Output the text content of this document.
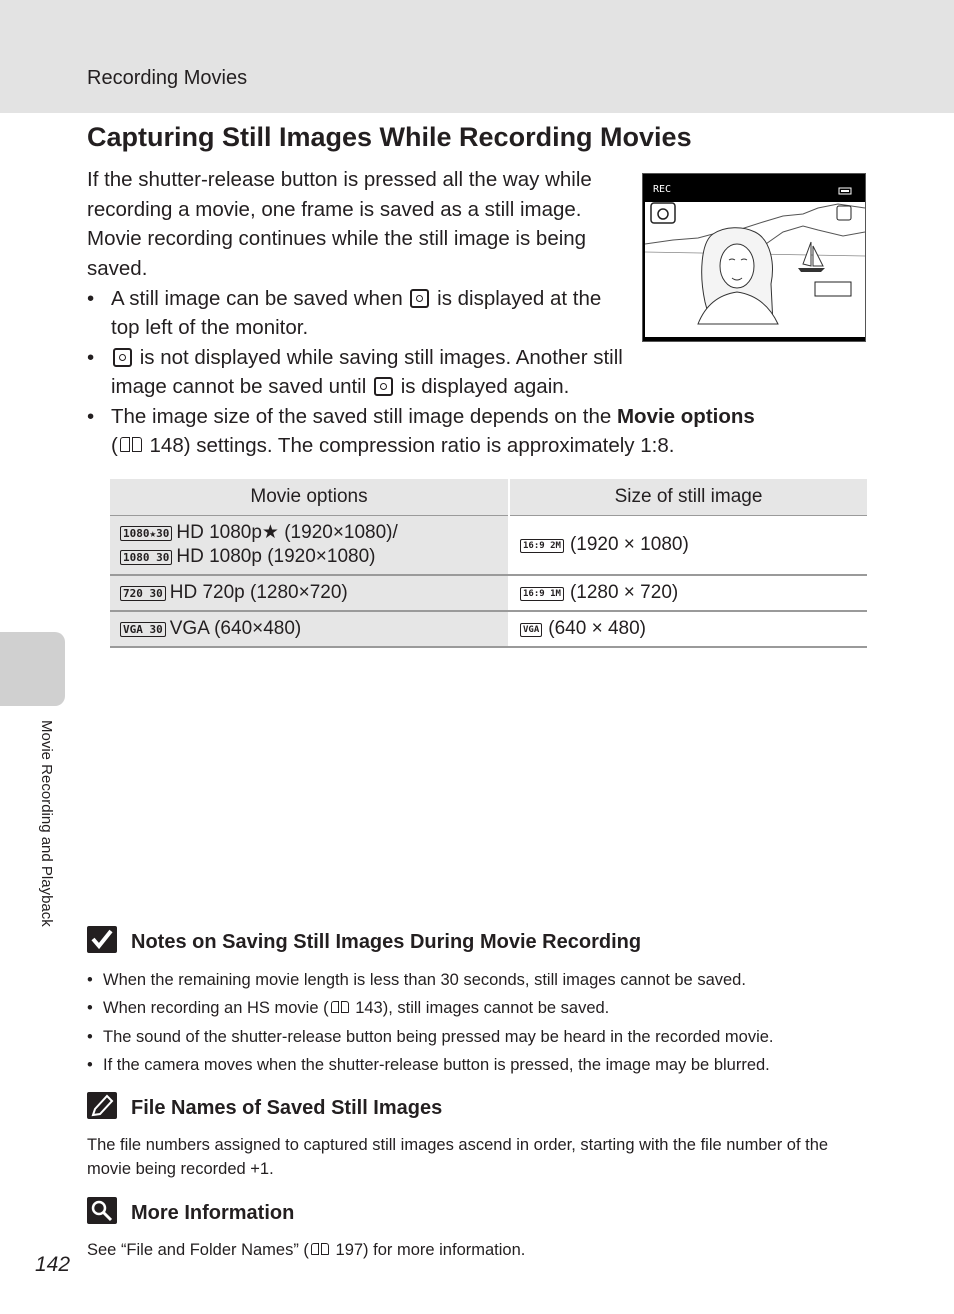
Recording Movies
Movie Recording and Playback
Capturing Still Images While Recording Movies

If the shutter-release button is pressed all the way while recording a movie, one frame is saved as a still image. Movie recording continues while the still image is being saved.

REC
[ 17m30s]
• A still image can be saved when is displayed at the top left of the monitor.
• is not displayed while saving still images. Another still image cannot be saved until is displayed again.
• The image size of the saved still image depends on the Movie options
( 148) settings. The compression ratio is approximately 1:8.
Movie options	Size of still image
1080★30 HD 1080p★ (1920×1080)/
1080 30 HD 1080p (1920×1080)	16:9 2M (1920 × 1080)
720 30 HD 720p (1280×720)	16:9 1M (1280 × 720)
VGA 30 VGA (640×480)	VGA (640 × 480)
Notes on Saving Still Images During Movie Recording
• When the remaining movie length is less than 30 seconds, still images cannot be saved.
• When recording an HS movie ( 143), still images cannot be saved.
• The sound of the shutter-release button being pressed may be heard in the recorded movie.
• If the camera moves when the shutter-release button is pressed, the image may be blurred.
File Names of Saved Still Images

The file numbers assigned to captured still images ascend in order, starting with the file number of the movie being recorded +1.

More Information

See “File and Folder Names” ( 197) for more information.

142
